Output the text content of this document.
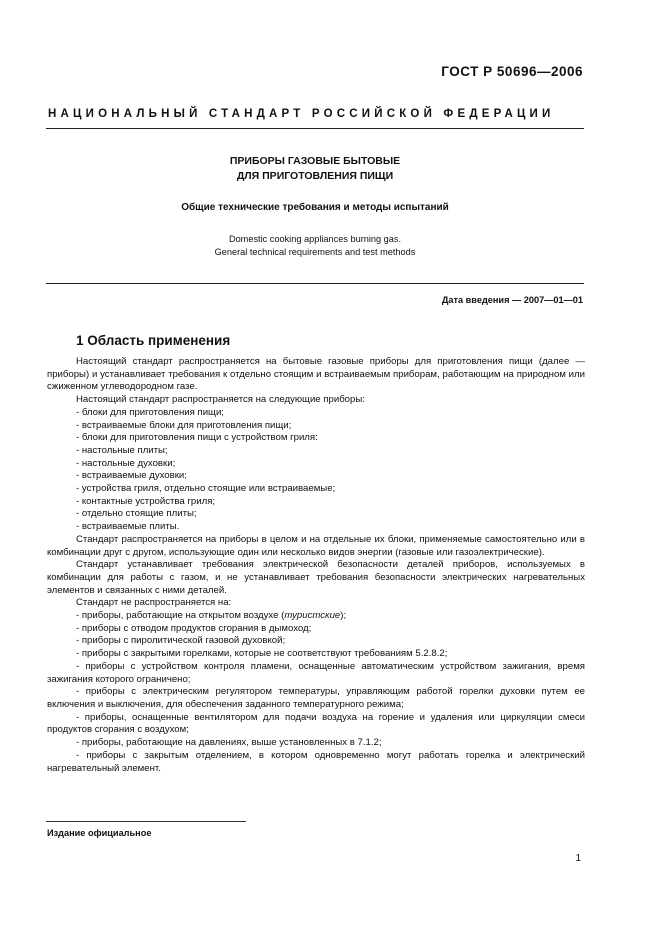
ГОСТ Р 50696—2006
НАЦИОНАЛЬНЫЙ СТАНДАРТ РОССИЙСКОЙ ФЕДЕРАЦИИ
ПРИБОРЫ ГАЗОВЫЕ БЫТОВЫЕ
ДЛЯ ПРИГОТОВЛЕНИЯ ПИЩИ
Общие технические требования и методы испытаний
Domestic cooking appliances burning gas.
General technical requirements and test methods
Дата введения — 2007—01—01
1 Область применения

Настоящий стандарт распространяется на бытовые газовые приборы для приготовления пищи (далее — приборы) и устанавливает требования к отдельно стоящим и встраиваемым приборам, работающим на природном или сжиженном углеводородном газе.

Настоящий стандарт распространяется на следующие приборы:

- блоки для приготовления пищи;

- встраиваемые блоки для приготовления пищи;

- блоки для приготовления пищи с устройством гриля:

- настольные плиты;

- настольные духовки;

- встраиваемые духовки;

- устройства гриля, отдельно стоящие или встраиваемые;

- контактные устройства гриля;

- отдельно стоящие плиты;

- встраиваемые плиты.

Стандарт распространяется на приборы в целом и на отдельные их блоки, применяемые самостоятельно или в комбинации друг с другом, использующие один или несколько видов энергии (газовые или газоэлектрические).

Стандарт устанавливает требования электрической безопасности деталей приборов, используемых в комбинации для работы с газом, и не устанавливает требования безопасности электрических нагревательных элементов и связанных с ними деталей.

Стандарт не распространяется на:

- приборы, работающие на открытом воздухе (туристские);

- приборы с отводом продуктов сгорания в дымоход;

- приборы с пиролитической газовой духовкой;

- приборы с закрытыми горелками, которые не соответствуют требованиям 5.2.8.2;

- приборы с устройством контроля пламени, оснащенные автоматическим устройством зажигания, время зажигания которого ограничено;

- приборы с электрическим регулятором температуры, управляющим работой горелки духовки путем ее включения и выключения, для обеспечения заданного температурного режима;

- приборы, оснащенные вентилятором для подачи воздуха на горение и удаления или циркуляции смеси продуктов сгорания с воздухом;

- приборы, работающие на давлениях, выше установленных в 7.1.2;

- приборы с закрытым отделением, в котором одновременно могут работать горелка и электрический нагревательный элемент.

Издание официальное
1
